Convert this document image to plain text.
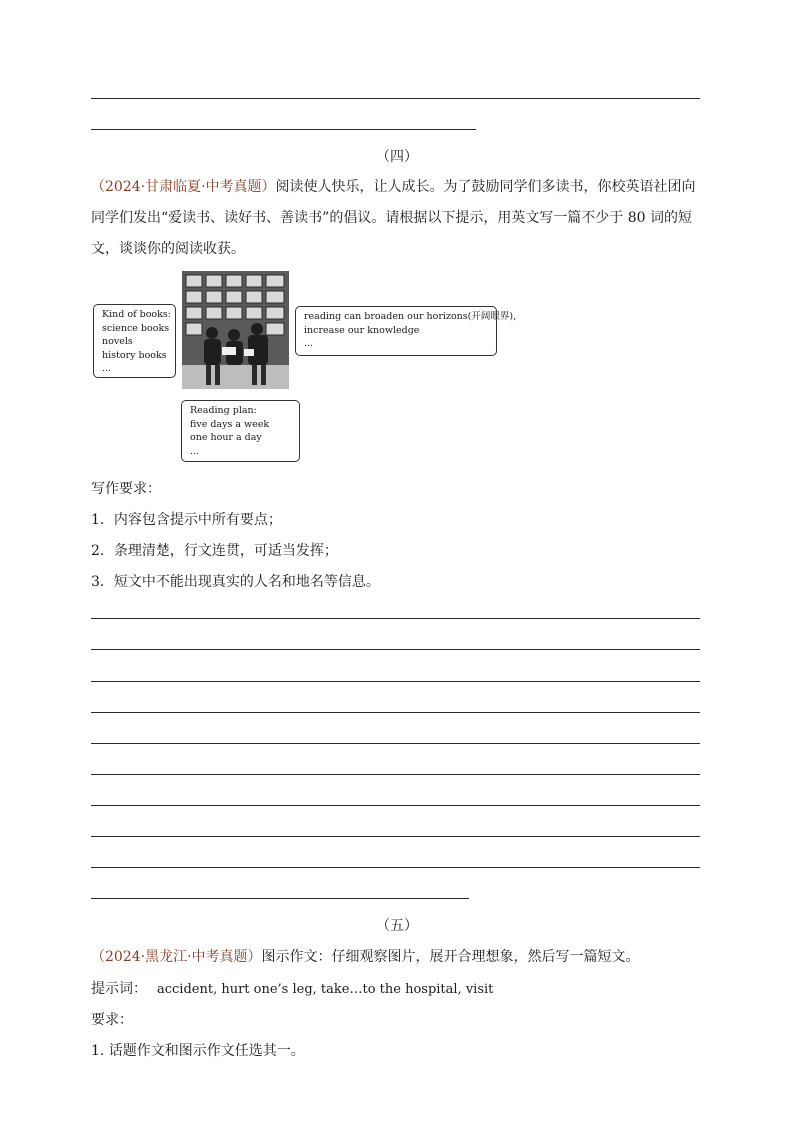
（四）
（2024·甘肃临夏·中考真题）阅读使人快乐，让人成长。为了鼓励同学们多读书，你校英语社团向同学们发出“爱读书、读好书、善读书”的倡议。请根据以下提示，用英文写一篇不少于 80 词的短文，谈谈你的阅读收获。
Kind of books:
science books
novels
history books
...
reading can broaden our horizons(开阔眼界),
increase our knowledge
...
Reading plan:
five days a week
one hour a day
...
写作要求：
1．内容包含提示中所有要点；
2．条理清楚，行文连贯，可适当发挥；
3．短文中不能出现真实的人名和地名等信息。
（五）
（2024·黑龙江·中考真题）图示作文：仔细观察图片，展开合理想象，然后写一篇短文。
提示词： accident, hurt one’s leg, take…to the hospital, visit
要求：
1. 话题作文和图示作文任选其一。
